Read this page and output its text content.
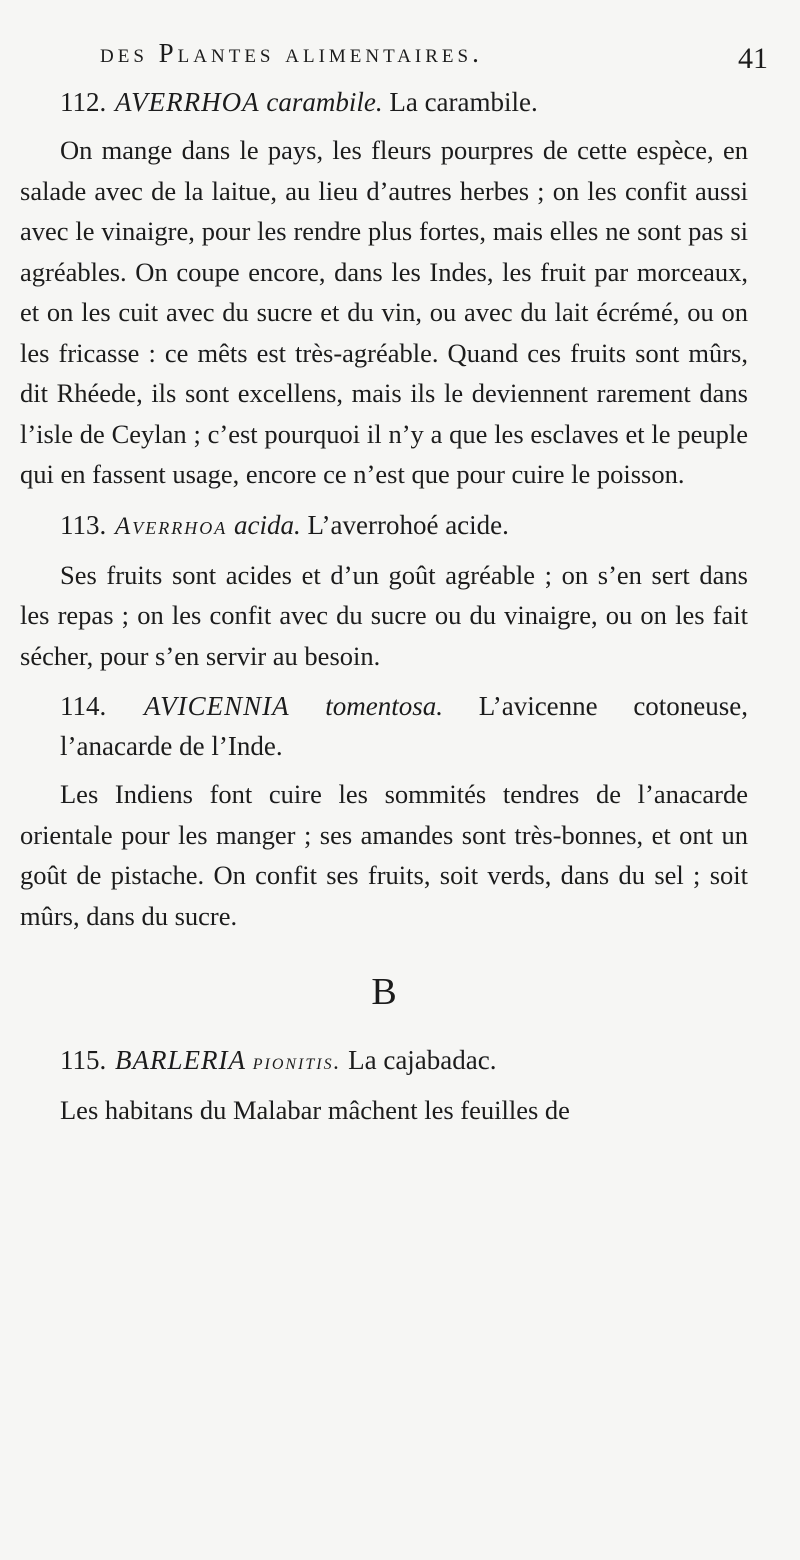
des Plantes alimentaires.	41

112. AVERRHOA carambile. La carambile.

On mange dans le pays, les fleurs pourpres de cette espèce, en salade avec de la laitue, au lieu d’autres herbes ; on les confit aussi avec le vinaigre, pour les rendre plus fortes, mais elles ne sont pas si agréables. On coupe encore, dans les Indes, les fruit par morceaux, et on les cuit avec du sucre et du vin, ou avec du lait écrémé, ou on les fricasse : ce mêts est très-agréable. Quand ces fruits sont mûrs, dit Rhéede, ils sont excellens, mais ils le deviennent rarement dans l’isle de Ceylan ; c’est pourquoi il n’y a que les esclaves et le peuple qui en fassent usage, encore ce n’est que pour cuire le poisson.

113. Averrhoa acida. L’averrohoé acide.

Ses fruits sont acides et d’un goût agréable ; on s’en sert dans les repas ; on les confit avec du sucre ou du vinaigre, ou on les fait sécher, pour s’en servir au besoin.

114. AVICENNIA tomentosa. L’avicenne cotoneuse, l’anacarde de l’Inde.

Les Indiens font cuire les sommités tendres de l’anacarde orientale pour les manger ; ses amandes sont très-bonnes, et ont un goût de pistache. On confit ses fruits, soit verds, dans du sel ; soit mûrs, dans du sucre.

B

115. BARLERIA pionitis. La cajabadac.

Les habitans du Malabar mâchent les feuilles de
